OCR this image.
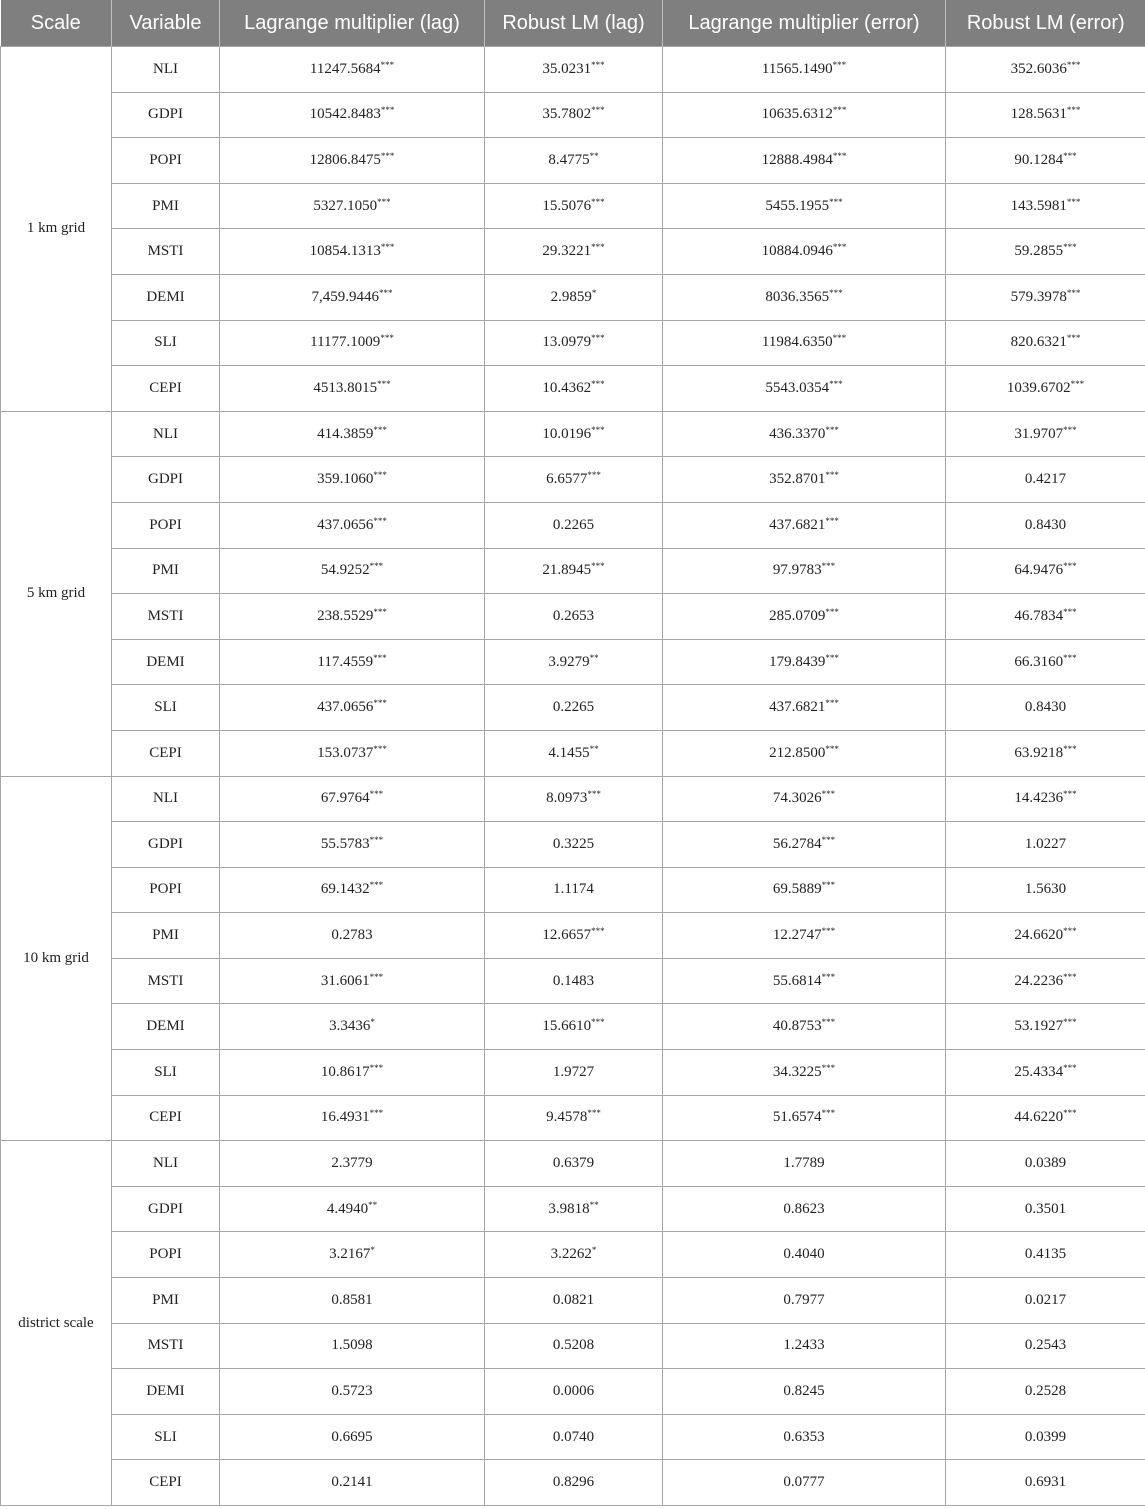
Scale	Variable	Lagrange multiplier (lag)	Robust LM (lag)	Lagrange multiplier (error)	Robust LM (error)
1 km grid	NLI	11247.5684***	35.0231***	11565.1490***	352.6036***
	GDPI	10542.8483***	35.7802***	10635.6312***	128.5631***
	POPI	12806.8475***	8.4775**	12888.4984***	90.1284***
	PMI	5327.1050***	15.5076***	5455.1955***	143.5981***
	MSTI	10854.1313***	29.3221***	10884.0946***	59.2855***
	DEMI	7,459.9446***	2.9859*	8036.3565***	579.3978***
	SLI	11177.1009***	13.0979***	11984.6350***	820.6321***
	CEPI	4513.8015***	10.4362***	5543.0354***	1039.6702***
5 km grid	NLI	414.3859***	10.0196***	436.3370***	31.9707***
	GDPI	359.1060***	6.6577***	352.8701***	0.4217
	POPI	437.0656***	0.2265	437.6821***	0.8430
	PMI	54.9252***	21.8945***	97.9783***	64.9476***
	MSTI	238.5529***	0.2653	285.0709***	46.7834***
	DEMI	117.4559***	3.9279**	179.8439***	66.3160***
	SLI	437.0656***	0.2265	437.6821***	0.8430
	CEPI	153.0737***	4.1455**	212.8500***	63.9218***
10 km grid	NLI	67.9764***	8.0973***	74.3026***	14.4236***
	GDPI	55.5783***	0.3225	56.2784***	1.0227
	POPI	69.1432***	1.1174	69.5889***	1.5630
	PMI	0.2783	12.6657***	12.2747***	24.6620***
	MSTI	31.6061***	0.1483	55.6814***	24.2236***
	DEMI	3.3436*	15.6610***	40.8753***	53.1927***
	SLI	10.8617***	1.9727	34.3225***	25.4334***
	CEPI	16.4931***	9.4578***	51.6574***	44.6220***
district scale	NLI	2.3779	0.6379	1.7789	0.0389
	GDPI	4.4940**	3.9818**	0.8623	0.3501
	POPI	3.2167*	3.2262*	0.4040	0.4135
	PMI	0.8581	0.0821	0.7977	0.0217
	MSTI	1.5098	0.5208	1.2433	0.2543
	DEMI	0.5723	0.0006	0.8245	0.2528
	SLI	0.6695	0.0740	0.6353	0.0399
	CEPI	0.2141	0.8296	0.0777	0.6931
